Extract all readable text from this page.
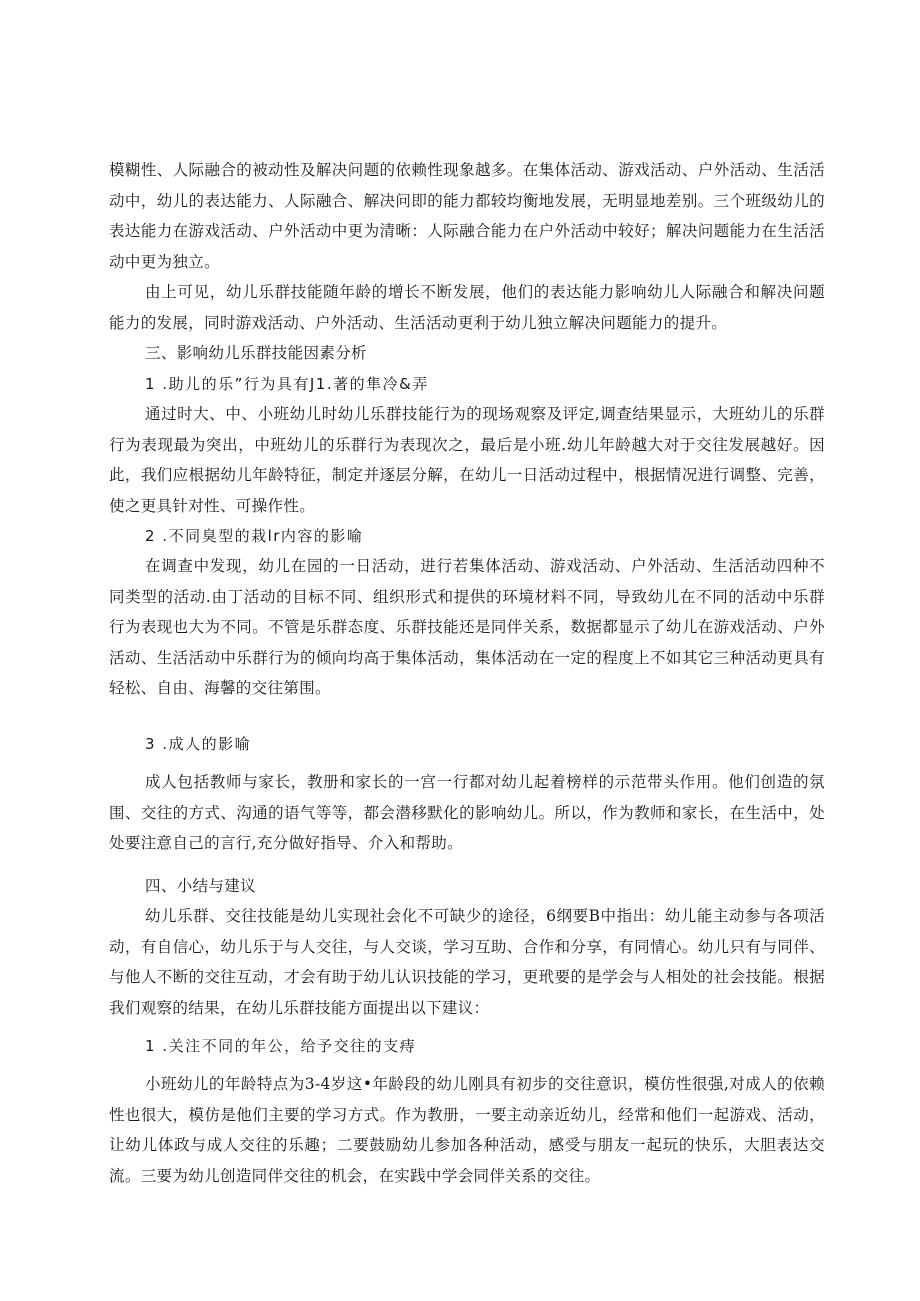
模糊性、人际融合的被动性及解决问题的依赖性现象越多。在集体活动、游戏活动、户外活动、生活活动中，幼儿的表达能力、人际融合、解决问即的能力都较均衡地发展，无明显地差别。三个班级幼儿的表达能力在游戏活动、户外活动中更为清晰：人际融合能力在户外活动中较好；解决问题能力在生活活动中更为独立。
由上可见，幼儿乐群技能随年龄的增长不断发展，他们的表达能力影响幼儿人际融合和解决问题能力的发展，同时游戏活动、户外活动、生活活动更利于幼儿独立解决问题能力的提升。
三、影响幼儿乐群技能因素分析
1 .助儿的乐”行为具有J1.著的隼冷&弄
通过时大、中、小班幼儿时幼儿乐群技能行为的现场观察及评定,调查结果显示，大班幼儿的乐群行为表现最为突出，中班幼儿的乐群行为表现次之，最后是小班.幼儿年龄越大对于交往发展越好。因此，我们应根据幼儿年龄特征，制定并逐层分解，在幼儿一日活动过程中，根据情况进行调整、完善，使之更具针对性、可操作性。
2 .不同臭型的栽lr内容的影喻
在调查中发现，幼儿在园的一日活动，进行若集体活动、游戏活动、户外活动、生活活动四种不同类型的活动.由丁活动的目标不同、组织形式和提供的环境材料不同，导致幼儿在不同的活动中乐群行为表现也大为不同。不管是乐群态度、乐群技能还是同伴关系，数据都显示了幼儿在游戏活动、户外活动、生活活动中乐群行为的倾向均高于集体活动，集体活动在一定的程度上不如其它三种活动更具有轻松、自由、海馨的交往第围。
3 .成人的影喻
成人包括教师与家长，教册和家长的一宫一行都对幼儿起着榜样的示范带头作用。他们创造的氛围、交往的方式、沟通的语气等等，都会潜移默化的影响幼儿。所以，作为教师和家长，在生活中，处处要注意自己的言行,充分做好指导、介入和帮助。
四、小结与建议
幼儿乐群、交往技能是幼儿实现社会化不可缺少的途径，6纲要B中指出：幼儿能主动参与各项活动，有自信心，幼儿乐于与人交往，与人交谈，学习互助、合作和分享，有同情心。幼儿只有与同伴、与他人不断的交往互动，才会有助于幼儿认识技能的学习，更玳要的是学会与人相处的社会技能。根据我们观察的结果，在幼儿乐群技能方面提出以下建议：
1 .关注不同的年公，给予交往的支痔
小班幼儿的年龄特点为3-4岁这•年龄段的幼儿刚具有初步的交往意识，模仿性很强,对成人的依赖性也很大，模仿是他们主要的学习方式。作为教册，一要主动亲近幼儿，经常和他们一起游戏、活动，让幼儿体政与成人交往的乐趣；二要鼓励幼儿参加各种活动，感受与朋友一起玩的快乐，大胆表达交流。三要为幼儿创造同伴交往的机会，在实践中学会同伴关系的交往。
